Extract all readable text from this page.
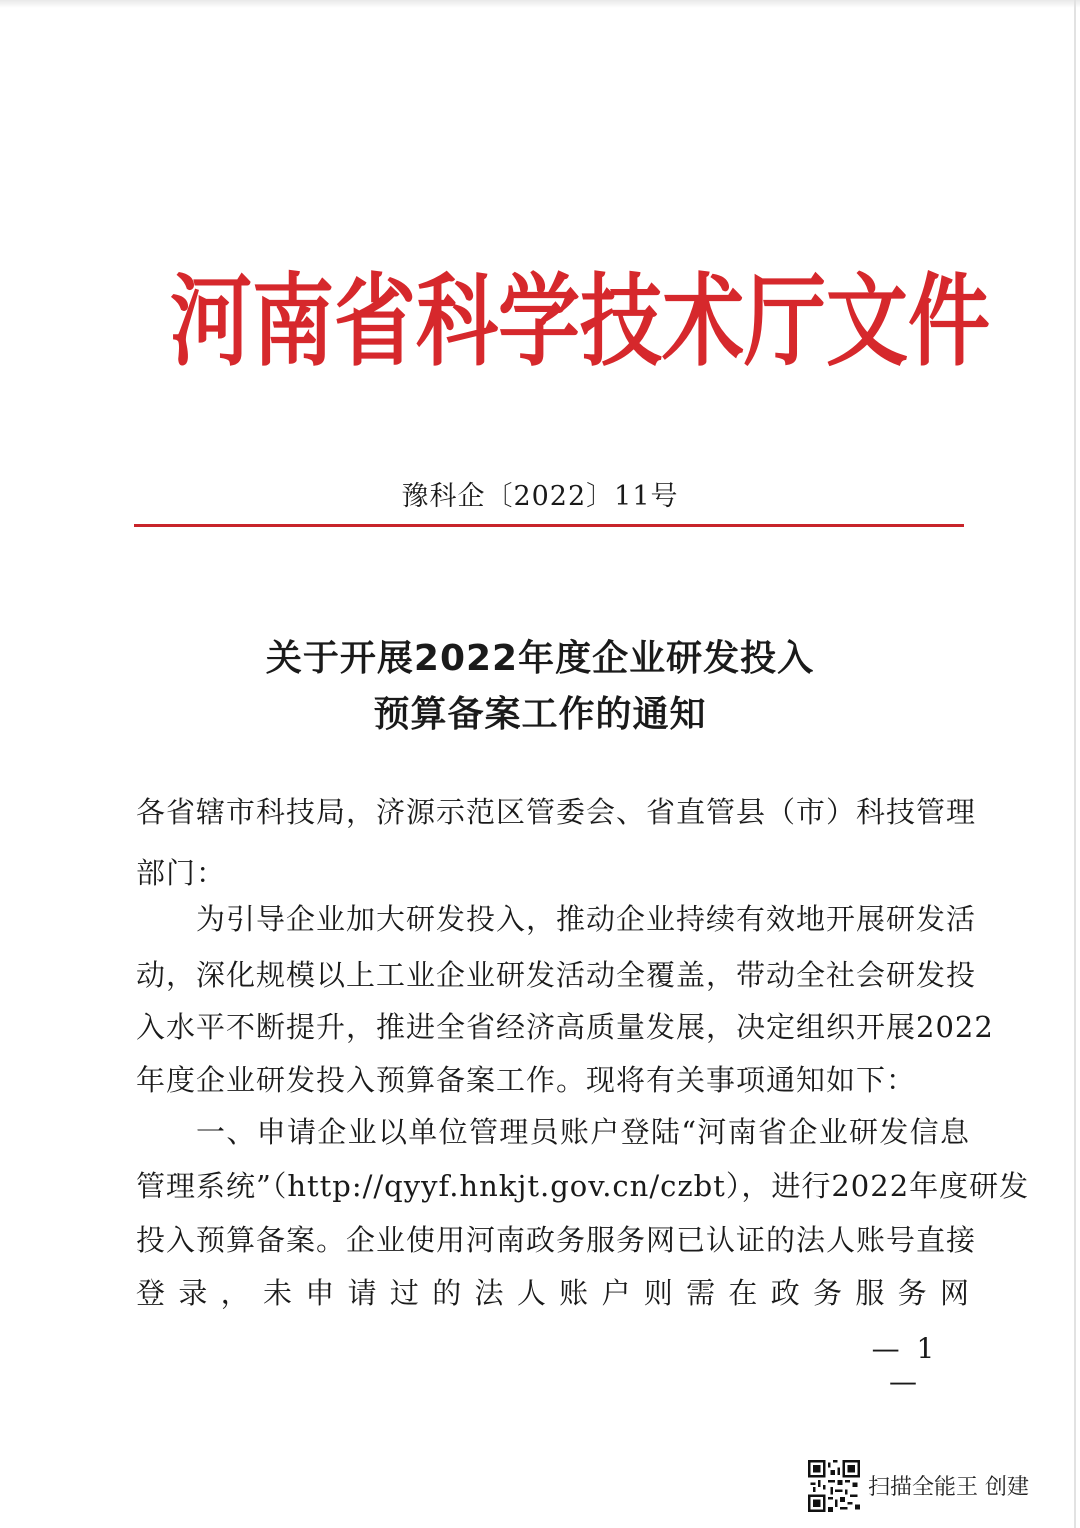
河南省科学技术厅文件
豫科企〔2022〕11号
关于开展2022年度企业研发投入
预算备案工作的通知
各省辖市科技局，济源示范区管委会、省直管县（市）科技管理
部门：
为引导企业加大研发投入，推动企业持续有效地开展研发活
动，深化规模以上工业企业研发活动全覆盖，带动全社会研发投
入水平不断提升，推进全省经济高质量发展，决定组织开展2022
年度企业研发投入预算备案工作。现将有关事项通知如下：
一、申请企业以单位管理员账户登陆“河南省企业研发信息
管理系统”（http://qyyf.hnkjt.gov.cn/czbt），进行2022年度研发
投入预算备案。企业使用河南政务服务网已认证的法人账号直接
登录，未申请过的法人账户则需在政务服务网
— 1 —
扫描全能王 创建
